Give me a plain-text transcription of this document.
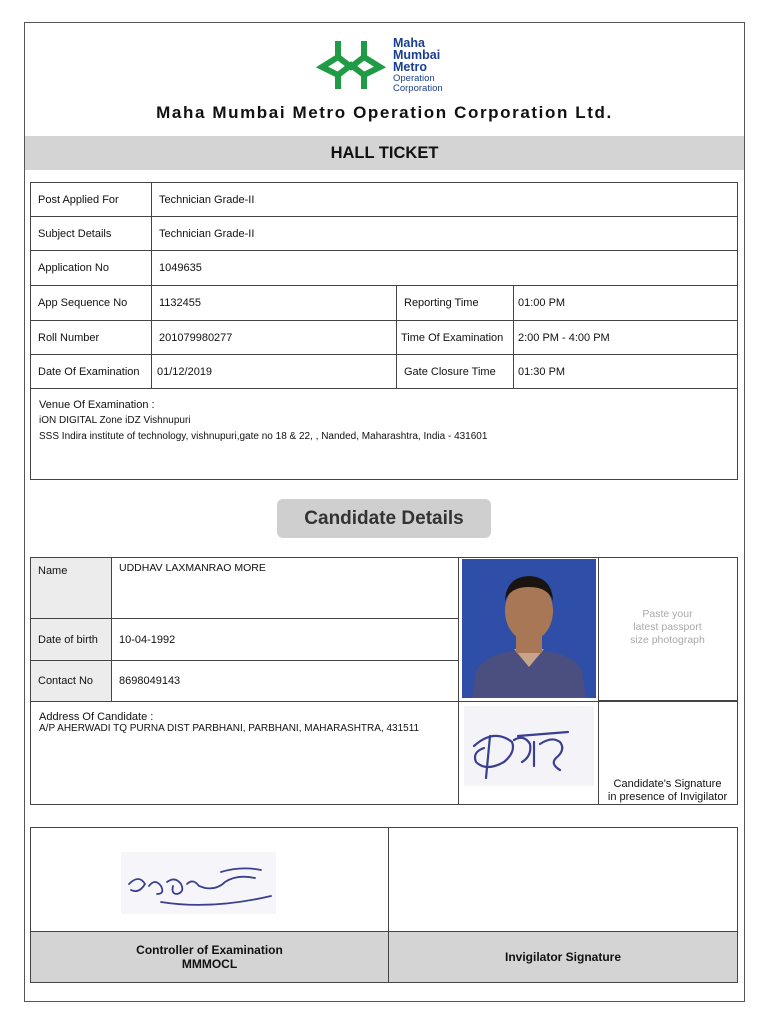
Maha
Mumbai
Metro
Operation
Corporation
Maha Mumbai Metro Operation Corporation Ltd.
HALL TICKET
Post Applied For	Technician Grade-II
Subject Details	Technician Grade-II
Application No	1049635
App Sequence No	1132455	Reporting Time	01:00 PM
Roll Number	201079980277	Time Of Examination	2:00 PM - 4:00 PM
Date Of Examination	01/12/2019	Gate Closure Time	01:30 PM
Venue Of Examination :
iON DIGITAL Zone iDZ Vishnupuri
SSS Indira institute of technology, vishnupuri,gate no 18 & 22, , Nanded, Maharashtra, India - 431601
Candidate Details
Name	UDDHAV LAXMANRAO MORE
Date of birth	10-04-1992
Contact No	8698049143
Paste your
latest passport
size photograph
Address Of Candidate :
A/P AHERWADI TQ PURNA DIST PARBHANI, PARBHANI, MAHARASHTRA, 431511
Candidate's Signature
in presence of Invigilator
Controller of Examination
MMMOCL	Invigilator Signature
